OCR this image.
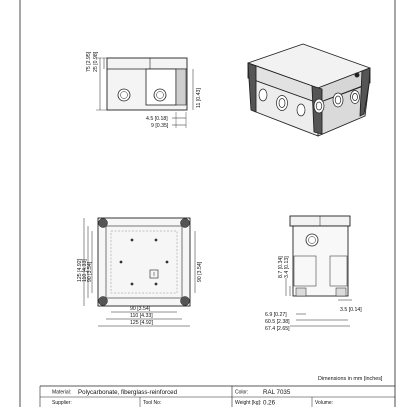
75 [2.95]
25 [0.98]
11 [0.43]
4.5 [0.18]
9 [0.35]
125 [4.92]
110 [4.33]
90 [3.54]
90 [3.54]
90 [3.54]
110 [4.33]
125 [4.92]
8.7 [0.34]
3.4 [0.13]
3.5 [0.14]
6.9 [0.27]
60.5 [2.38]
67.4 [2.65]
Dimensions in mm [inches]
Material: Polycarbonate, fiberglass-reinforced	Color: RAL 7035
Supplier:	Tool No:	Weight [kg]: 0.26	Volume:
